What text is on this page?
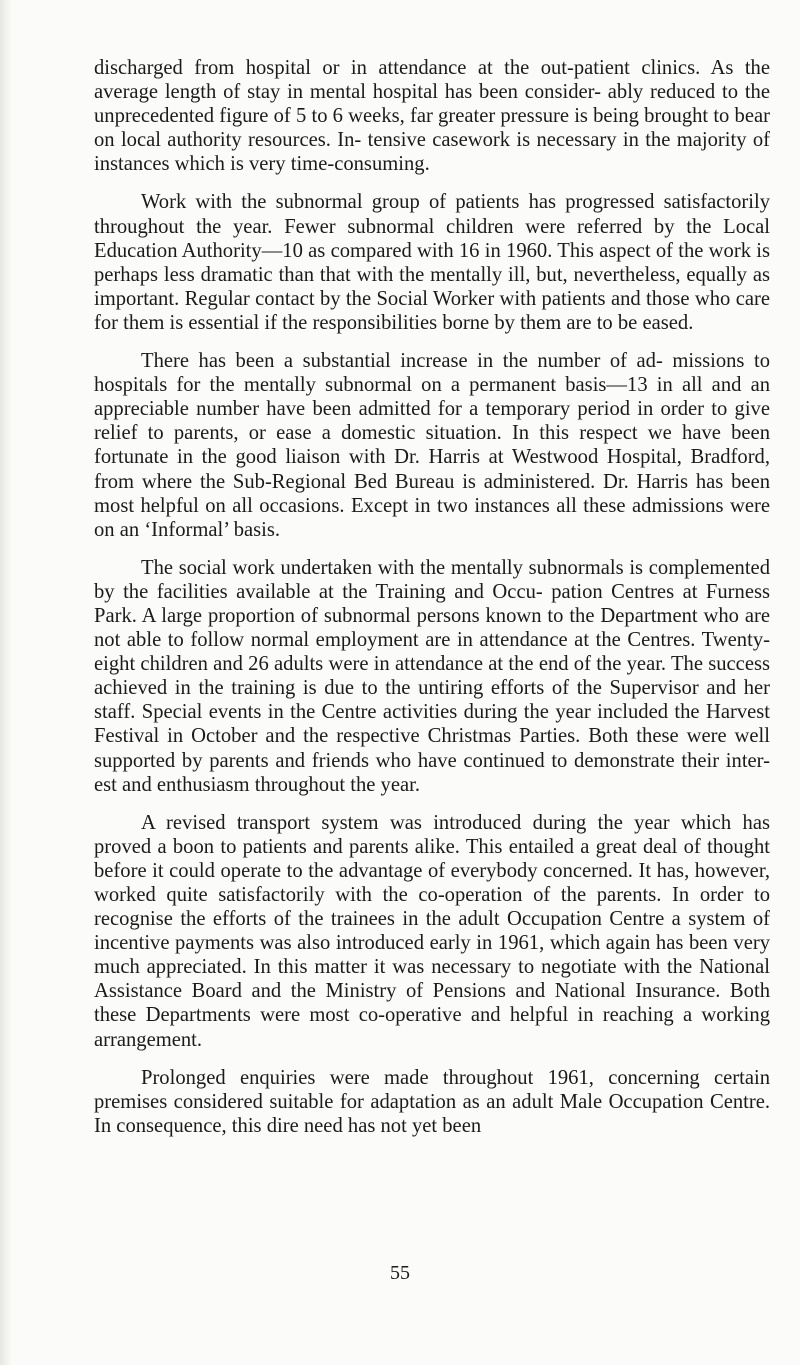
discharged from hospital or in attendance at the out-patient clinics. As the average length of stay in mental hospital has been consider- ably reduced to the unprecedented figure of 5 to 6 weeks, far greater pressure is being brought to bear on local authority resources. In- tensive casework is necessary in the majority of instances which is very time-consuming.

Work with the subnormal group of patients has progressed satisfactorily throughout the year. Fewer subnormal children were referred by the Local Education Authority—10 as compared with 16 in 1960. This aspect of the work is perhaps less dramatic than that with the mentally ill, but, nevertheless, equally as important. Regular contact by the Social Worker with patients and those who care for them is essential if the responsibilities borne by them are to be eased.

There has been a substantial increase in the number of ad- missions to hospitals for the mentally subnormal on a permanent basis—13 in all and an appreciable number have been admitted for a temporary period in order to give relief to parents, or ease a domestic situation. In this respect we have been fortunate in the good liaison with Dr. Harris at Westwood Hospital, Bradford, from where the Sub-Regional Bed Bureau is administered. Dr. Harris has been most helpful on all occasions. Except in two instances all these admissions were on an ‘Informal’ basis.

The social work undertaken with the mentally subnormals is complemented by the facilities available at the Training and Occu- pation Centres at Furness Park. A large proportion of subnormal persons known to the Department who are not able to follow normal employment are in attendance at the Centres. Twenty-eight children and 26 adults were in attendance at the end of the year. The success achieved in the training is due to the untiring efforts of the Supervisor and her staff. Special events in the Centre activities during the year included the Harvest Festival in October and the respective Christmas Parties. Both these were well supported by parents and friends who have continued to demonstrate their inter- est and enthusiasm throughout the year.

A revised transport system was introduced during the year which has proved a boon to patients and parents alike. This entailed a great deal of thought before it could operate to the advantage of everybody concerned. It has, however, worked quite satisfactorily with the co-operation of the parents. In order to recognise the efforts of the trainees in the adult Occupation Centre a system of incentive payments was also introduced early in 1961, which again has been very much appreciated. In this matter it was necessary to negotiate with the National Assistance Board and the Ministry of Pensions and National Insurance. Both these Departments were most co-operative and helpful in reaching a working arrangement.

Prolonged enquiries were made throughout 1961, concerning certain premises considered suitable for adaptation as an adult Male Occupation Centre. In consequence, this dire need has not yet been

55
